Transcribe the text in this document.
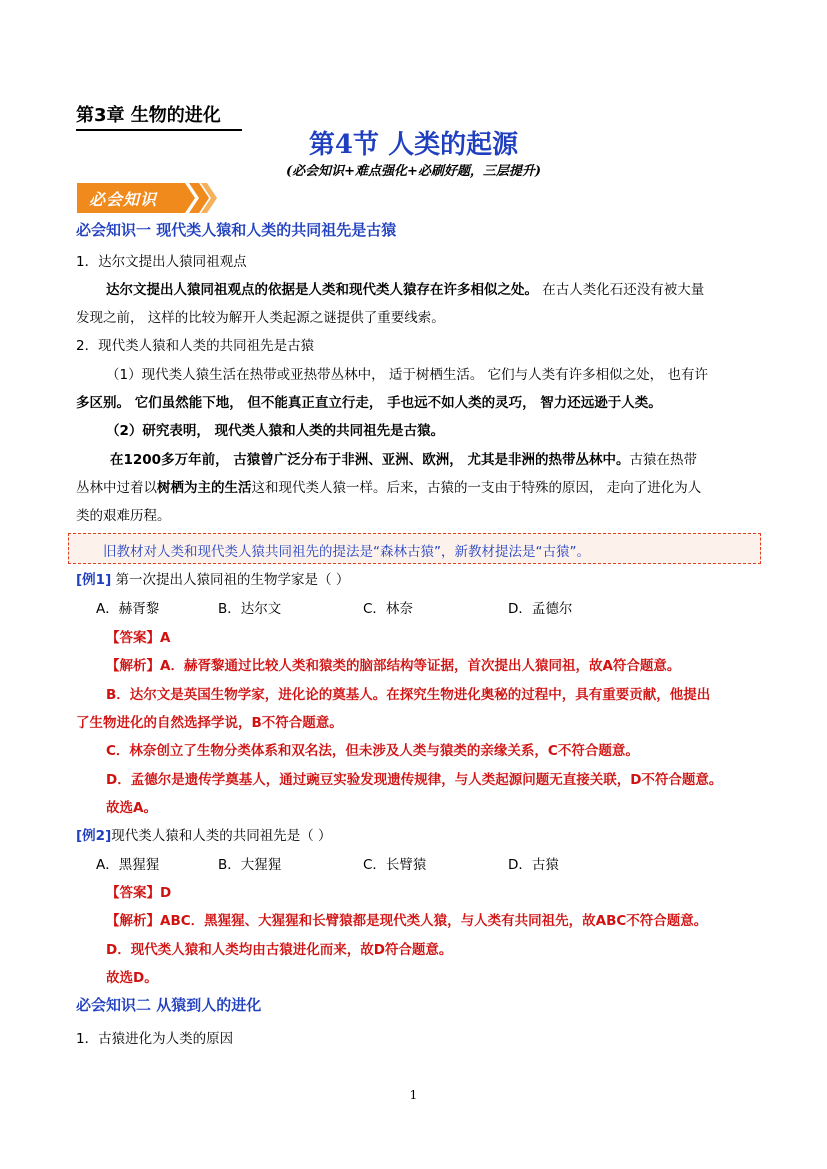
第3章 生物的进化
第4节 人类的起源
(必会知识+难点强化+必刷好题，三层提升)
必会知识
必会知识一 现代类人猿和人类的共同祖先是古猿
1．达尔文提出人猿同祖观点
达尔文提出人猿同祖观点的依据是人类和现代类人猿存在许多相似之处。 在古人类化石还没有被大量
发现之前， 这样的比较为解开人类起源之谜提供了重要线索。
2．现代类人猿和人类的共同祖先是古猿
（1）现代类人猿生活在热带或亚热带丛林中， 适于树栖生活。 它们与人类有许多相似之处， 也有许
多区别。 它们虽然能下地， 但不能真正直立行走， 手也远不如人类的灵巧， 智力还远逊于人类。
（2）研究表明， 现代类人猿和人类的共同祖先是古猿。
在1200多万年前， 古猿曾广泛分布于非洲、亚洲、欧洲， 尤其是非洲的热带丛林中。古猿在热带
丛林中过着以树栖为主的生活这和现代类人猿一样。后来，古猿的一支由于特殊的原因， 走向了进化为人
类的艰难历程。
旧教材对人类和现代类人猿共同祖先的提法是“森林古猿”，新教材提法是“古猿”。
[例1] 第一次提出人猿同祖的生物学家是（ ）
A．赫胥黎	B．达尔文	C．林奈	D．孟德尔
【答案】A
【解析】A．赫胥黎通过比较人类和猿类的脑部结构等证据，首次提出人猿同祖，故A符合题意。
B．达尔文是英国生物学家，进化论的奠基人。在探究生物进化奥秘的过程中，具有重要贡献，他提出
了生物进化的自然选择学说，B不符合题意。
C．林奈创立了生物分类体系和双名法，但未涉及人类与猿类的亲缘关系，C不符合题意。
D．孟德尔是遗传学奠基人，通过豌豆实验发现遗传规律，与人类起源问题无直接关联，D不符合题意。
故选A。
[例2]现代类人猿和人类的共同祖先是（ ）
A．黑猩猩	B．大猩猩	C．长臂猿	D．古猿
【答案】D
【解析】ABC．黑猩猩、大猩猩和长臂猿都是现代类人猿，与人类有共同祖先，故ABC不符合题意。
D．现代类人猿和人类均由古猿进化而来，故D符合题意。
故选D。
必会知识二 从猿到人的进化
1．古猿进化为人类的原因
1
